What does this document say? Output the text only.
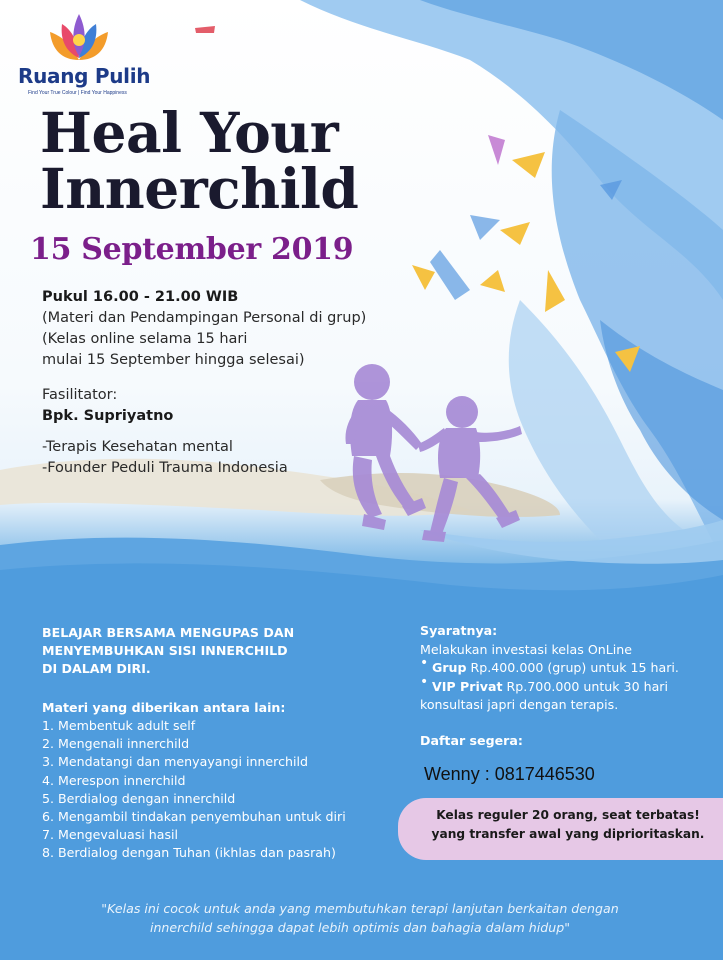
Ruang Pulih
Find Your True Colour | Find Your Happiness
Heal Your
Innerchild
15 September 2019
Pukul 16.00 - 21.00 WIB
(Materi dan Pendampingan Personal di grup)
(Kelas online selama 15 hari
mulai 15 September hingga selesai)
Fasilitator:
Bpk. Supriyatno
-Terapis Kesehatan mental
-Founder Peduli Trauma Indonesia
BELAJAR BERSAMA MENGUPAS DAN
MENYEMBUHKAN SISI INNERCHILD
DI DALAM DIRI.
Materi yang diberikan antara lain:
1. Membentuk adult self
2. Mengenali innerchild
3. Mendatangi dan menyayangi innerchild
4. Merespon innerchild
5. Berdialog dengan innerchild
6. Mengambil tindakan penyembuhan untuk diri
7. Mengevaluasi hasil
8. Berdialog dengan Tuhan (ikhlas dan pasrah)
Syaratnya:
Melakukan investasi kelas OnLine
• Grup Rp.400.000 (grup) untuk 15 hari.
• VIP Privat Rp.700.000 untuk 30 hari
konsultasi japri dengan terapis.
Daftar segera:
Wenny : 0817446530
Kelas reguler 20 orang, seat terbatas!
yang transfer awal yang diprioritaskan.
"Kelas ini cocok untuk anda yang membutuhkan terapi lanjutan berkaitan dengan
innerchild sehingga dapat lebih optimis dan bahagia dalam hidup"
